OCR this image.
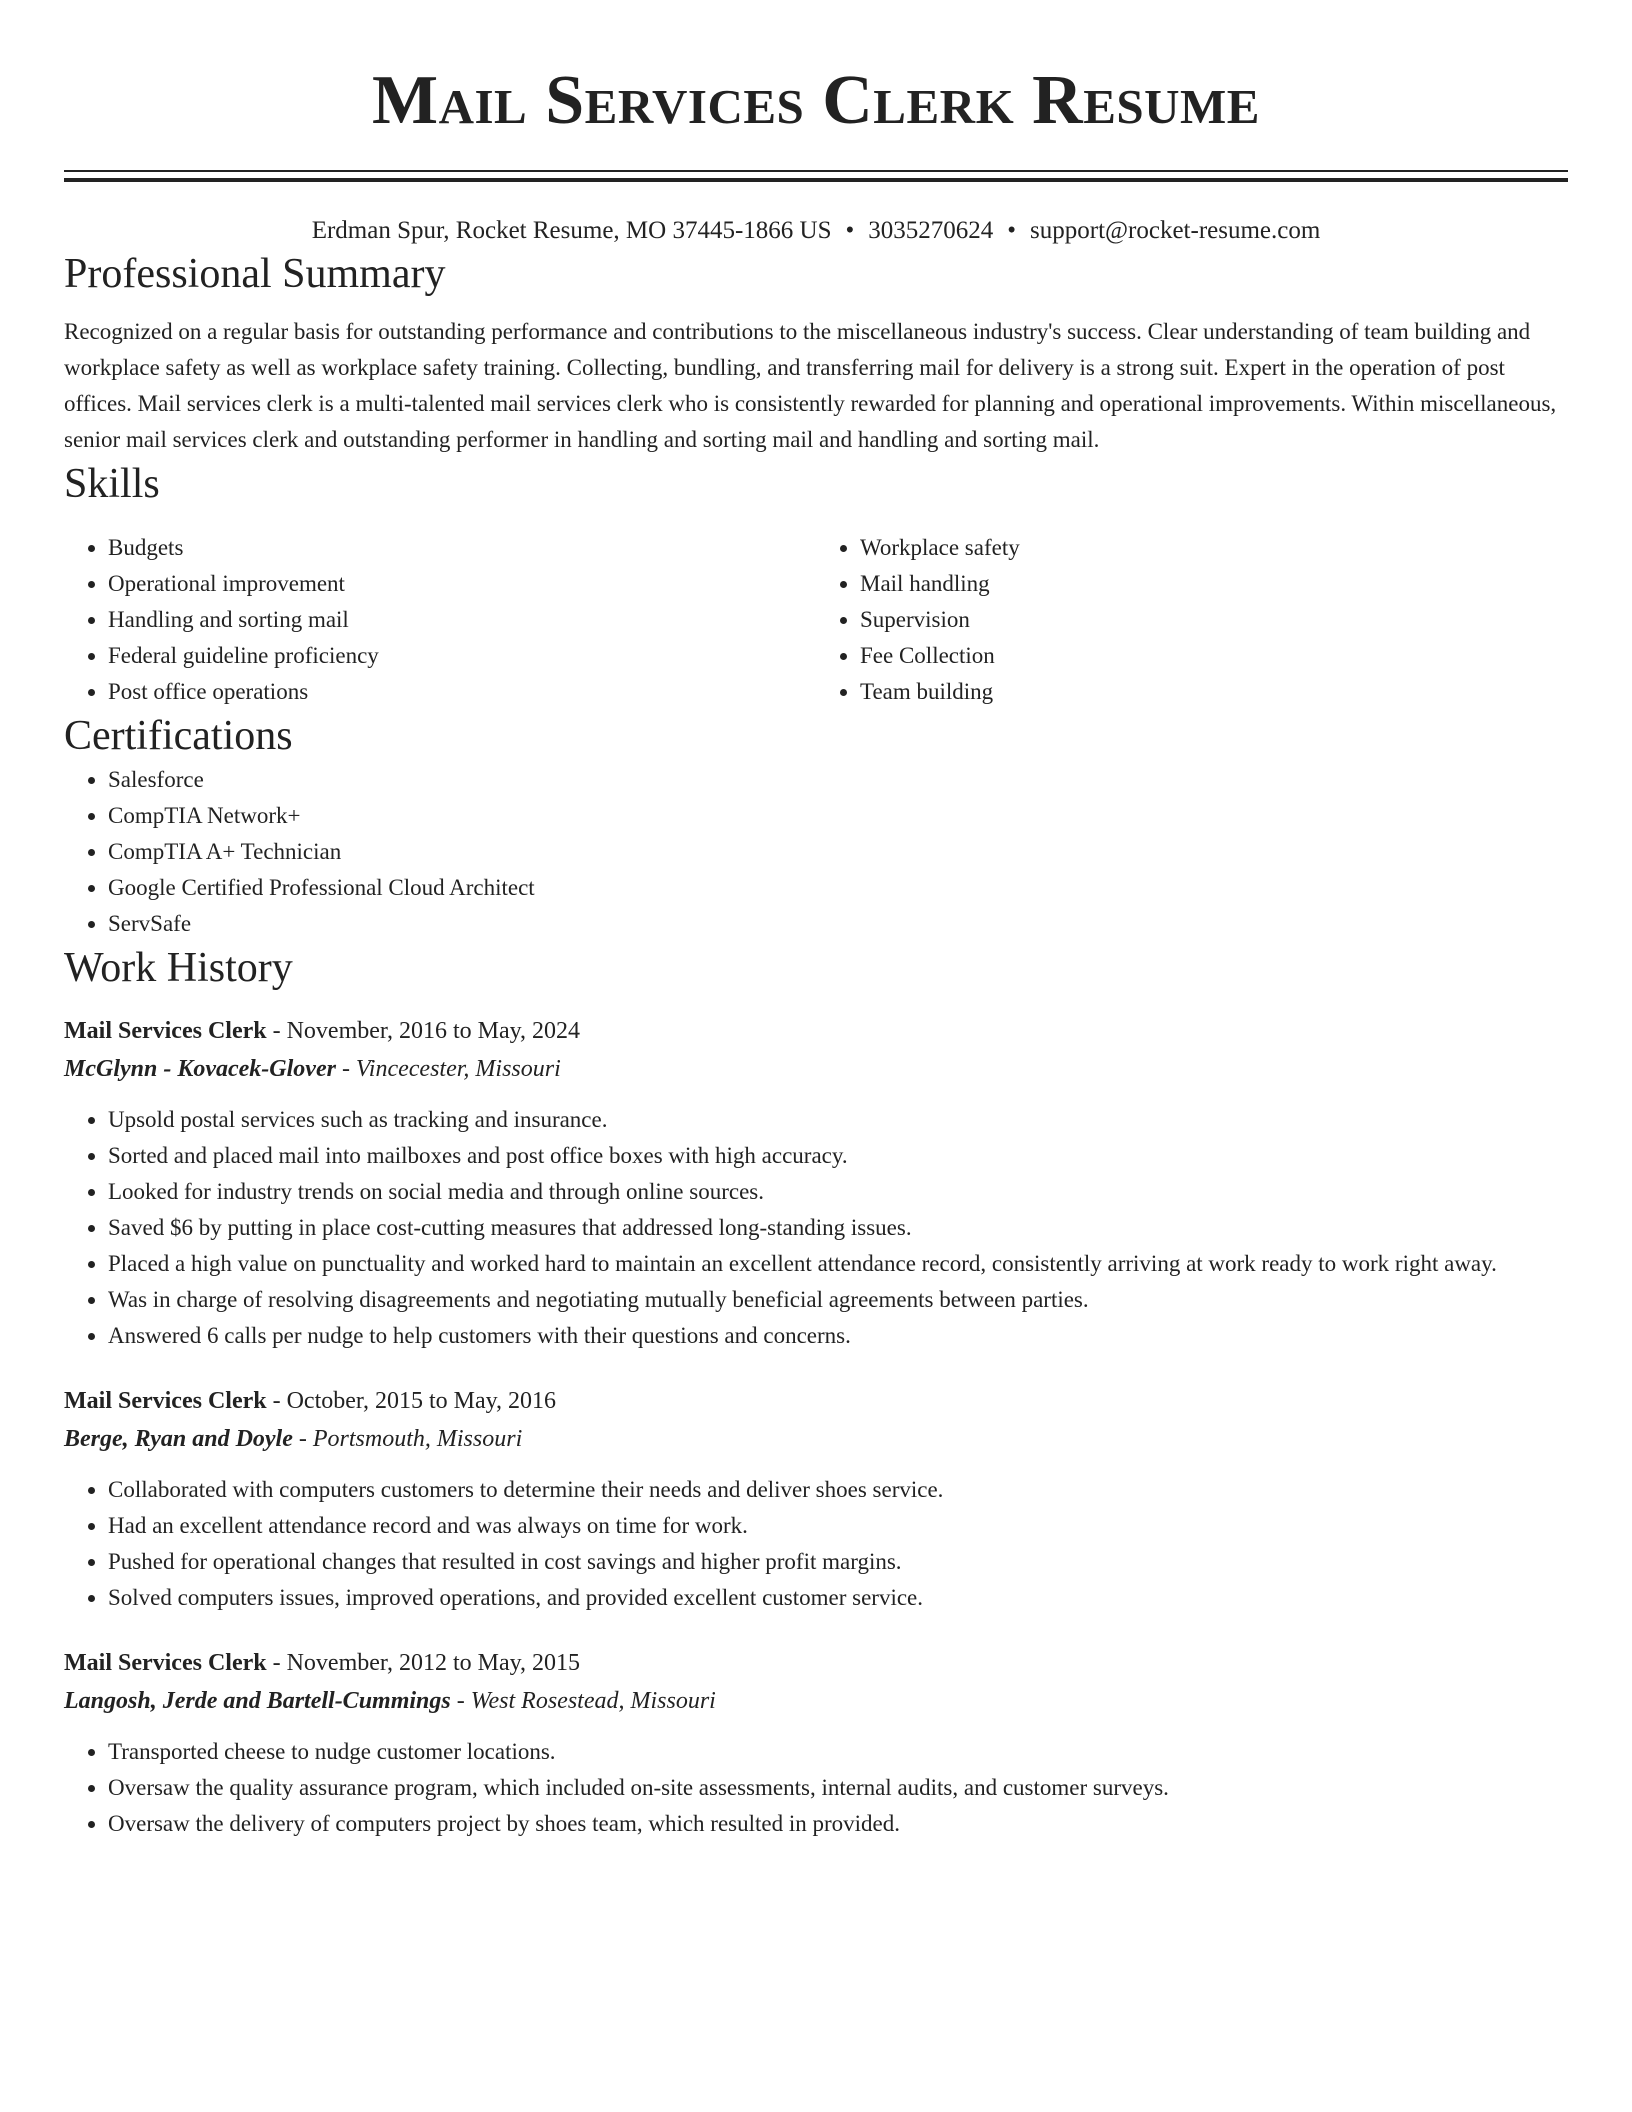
Mail Services Clerk Resume
Erdman Spur, Rocket Resume, MO 37445-1866 US • 3035270624 • support@rocket-resume.com
Professional Summary

Recognized on a regular basis for outstanding performance and contributions to the miscellaneous industry's success. Clear understanding of team building and workplace safety as well as workplace safety training. Collecting, bundling, and transferring mail for delivery is a strong suit. Expert in the operation of post offices. Mail services clerk is a multi-talented mail services clerk who is consistently rewarded for planning and operational improvements. Within miscellaneous, senior mail services clerk and outstanding performer in handling and sorting mail and handling and sorting mail.

Skills
• Budgets
• Operational improvement
• Handling and sorting mail
• Federal guideline proficiency
• Post office operations
• Workplace safety
• Mail handling
• Supervision
• Fee Collection
• Team building
Certifications
• Salesforce
• CompTIA Network+
• CompTIA A+ Technician
• Google Certified Professional Cloud Architect
• ServSafe
Work History
Mail Services Clerk - November, 2016 to May, 2024
McGlynn - Kovacek-Glover - Vincecester, Missouri
• Upsold postal services such as tracking and insurance.
• Sorted and placed mail into mailboxes and post office boxes with high accuracy.
• Looked for industry trends on social media and through online sources.
• Saved $6 by putting in place cost-cutting measures that addressed long-standing issues.
• Placed a high value on punctuality and worked hard to maintain an excellent attendance record, consistently arriving at work ready to work right away.
• Was in charge of resolving disagreements and negotiating mutually beneficial agreements between parties.
• Answered 6 calls per nudge to help customers with their questions and concerns.
Mail Services Clerk - October, 2015 to May, 2016
Berge, Ryan and Doyle - Portsmouth, Missouri
• Collaborated with computers customers to determine their needs and deliver shoes service.
• Had an excellent attendance record and was always on time for work.
• Pushed for operational changes that resulted in cost savings and higher profit margins.
• Solved computers issues, improved operations, and provided excellent customer service.
Mail Services Clerk - November, 2012 to May, 2015
Langosh, Jerde and Bartell-Cummings - West Rosestead, Missouri
• Transported cheese to nudge customer locations.
• Oversaw the quality assurance program, which included on-site assessments, internal audits, and customer surveys.
• Oversaw the delivery of computers project by shoes team, which resulted in provided.
